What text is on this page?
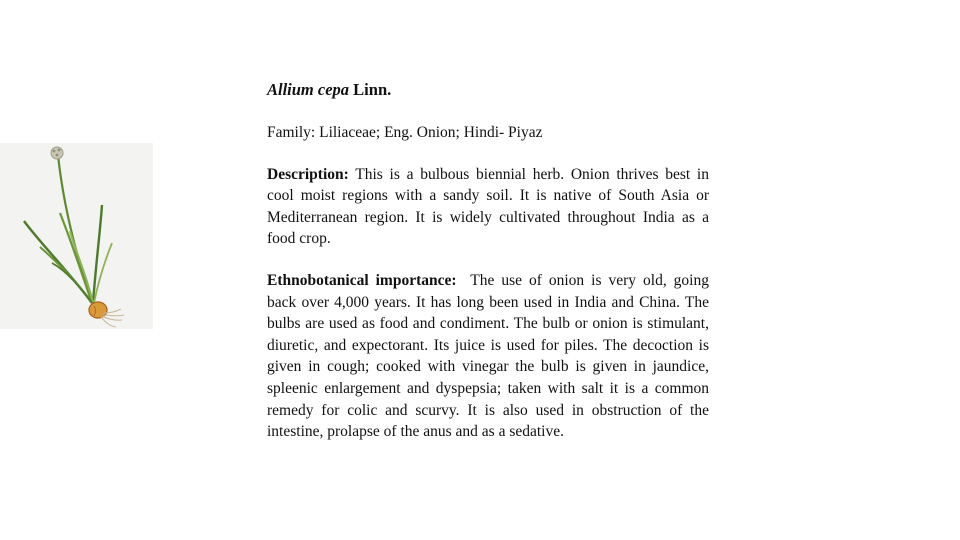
Allium cepa Linn.

Family: Liliaceae; Eng. Onion; Hindi- Piyaz

Description: This is a bulbous biennial herb. Onion thrives best in cool moist regions with a sandy soil. It is native of South Asia or Mediterranean region. It is widely cultivated throughout India as a food crop.

Ethnobotanical importance: The use of onion is very old, going back over 4,000 years. It has long been used in India and China. The bulbs are used as food and condiment. The bulb or onion is stimulant, diuretic, and expectorant. Its juice is used for piles. The decoction is given in cough; cooked with vinegar the bulb is given in jaundice, spleenic enlargement and dyspepsia; taken with salt it is a common remedy for colic and scurvy. It is also used in obstruction of the intestine, prolapse of the anus and as a sedative.
